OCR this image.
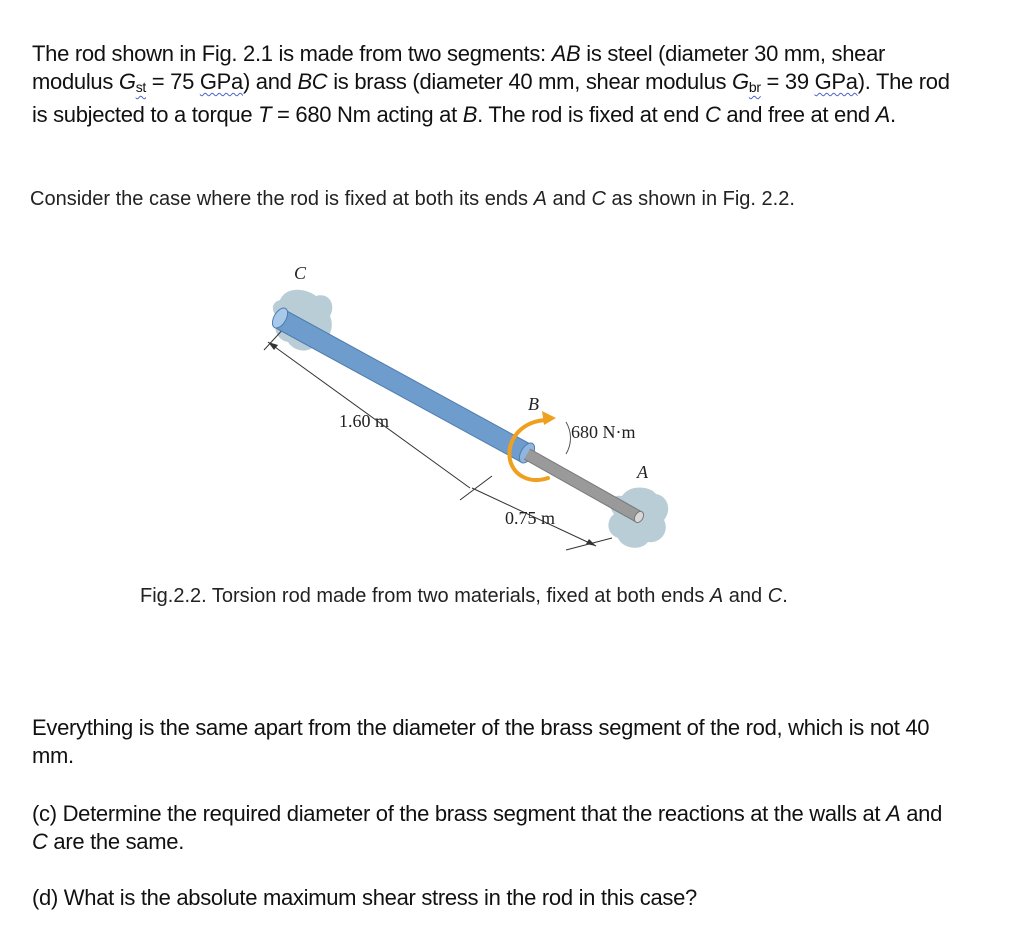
The rod shown in Fig. 2.1 is made from two segments: AB is steel (diameter 30 mm, shear modulus $G_{st} = 75$ GPa) and BC is brass (diameter 40 mm, shear modulus $G_{br} = 39$ GPa). The rod is subjected to a torque T = 680 Nm acting at B. The rod is fixed at end C and free at end A.

Consider the case where the rod is fixed at both its ends A and C as shown in Fig. 2.2.

C
B
A
1.60 m
0.75 m
680 N·m

Fig.2.2. Torsion rod made from two materials, fixed at both ends A and C.

Everything is the same apart from the diameter of the brass segment of the rod, which is not 40 mm.

(c) Determine the required diameter of the brass segment that the reactions at the walls at A and C are the same.

(d) What is the absolute maximum shear stress in the rod in this case?
